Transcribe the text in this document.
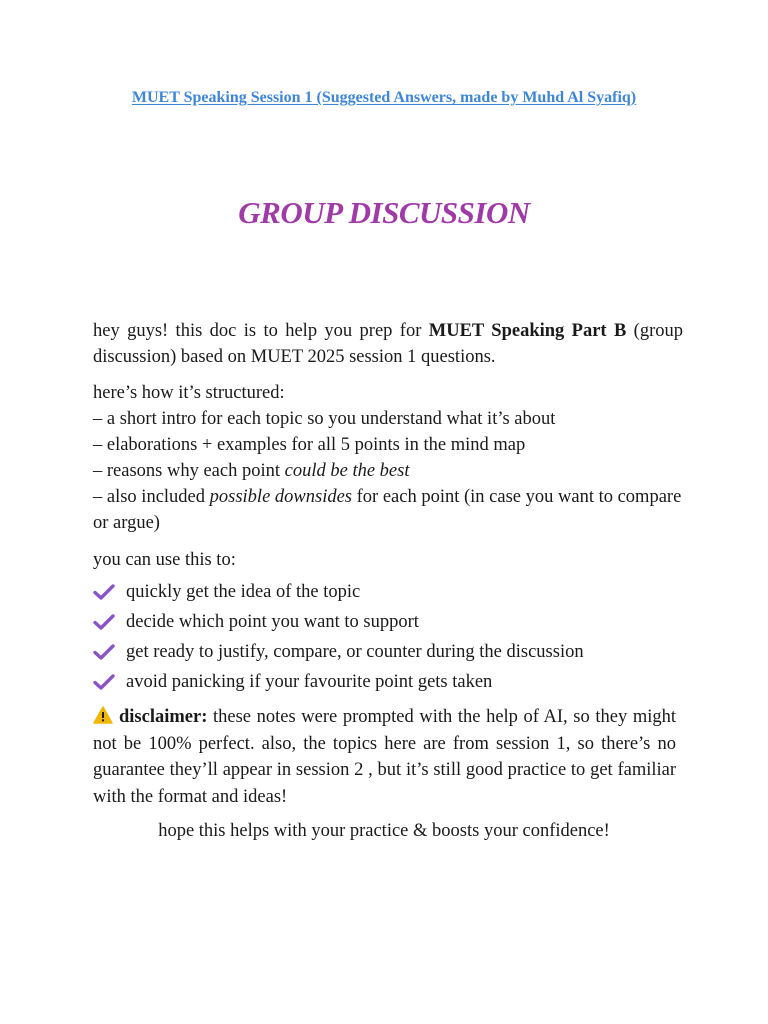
MUET Speaking Session 1 (Suggested Answers, made by Muhd Al Syafiq)
GROUP DISCUSSION

hey guys! this doc is to help you prep for MUET Speaking Part B (group discussion) based on MUET 2025 session 1 questions.

here’s how it’s structured:

– a short intro for each topic so you understand what it’s about

– elaborations + examples for all 5 points in the mind map

– reasons why each point could be the best

– also included possible downsides for each point (in case you want to compare or argue)

you can use this to:

quickly get the idea of the topic
decide which point you want to support
get ready to justify, compare, or counter during the discussion
avoid panicking if your favourite point gets taken
disclaimer: these notes were prompted with the help of AI, so they might not be 100% perfect. also, the topics here are from session 1, so there’s no guarantee they’ll appear in session 2 , but it’s still good practice to get familiar with the format and ideas!
hope this helps with your practice & boosts your confidence!
